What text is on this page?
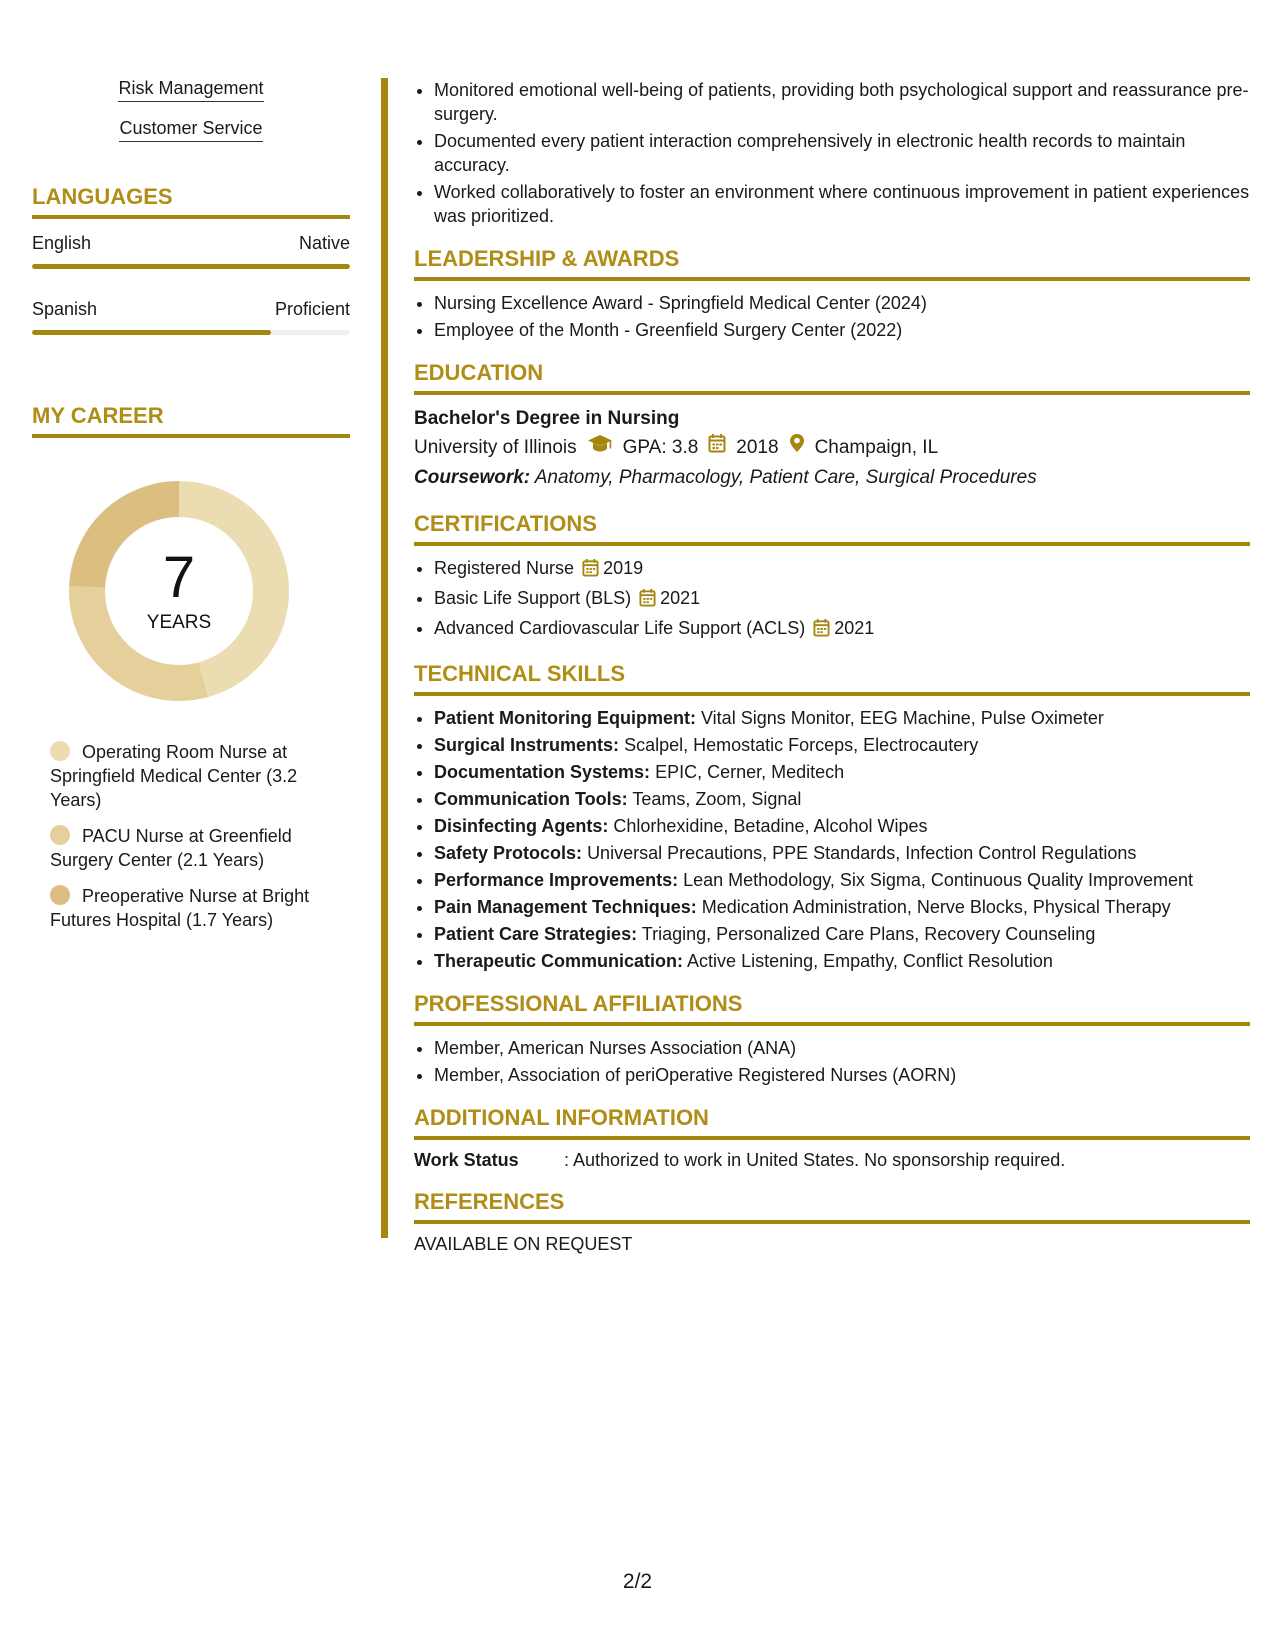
Risk Management
Customer Service
LANGUAGES
English	Native
Spanish	Proficient
MY CAREER
7
YEARS
Operating Room Nurse at Springfield Medical Center (3.2 Years)
PACU Nurse at Greenfield Surgery Center (2.1 Years)
Preoperative Nurse at Bright Futures Hospital (1.7 Years)
• Monitored emotional well-being of patients, providing both psychological support and reassurance pre-surgery.
• Documented every patient interaction comprehensively in electronic health records to maintain accuracy.
• Worked collaboratively to foster an environment where continuous improvement in patient experiences was prioritized.
LEADERSHIP & AWARDS
• Nursing Excellence Award - Springfield Medical Center (2024)
• Employee of the Month - Greenfield Surgery Center (2022)
EDUCATION
Bachelor's Degree in Nursing
University of Illinois GPA: 3.8 2018 Champaign, IL
Coursework: Anatomy, Pharmacology, Patient Care, Surgical Procedures
CERTIFICATIONS
• Registered Nurse 2019
• Basic Life Support (BLS) 2021
• Advanced Cardiovascular Life Support (ACLS) 2021
TECHNICAL SKILLS
• Patient Monitoring Equipment: Vital Signs Monitor, EEG Machine, Pulse Oximeter
• Surgical Instruments: Scalpel, Hemostatic Forceps, Electrocautery
• Documentation Systems: EPIC, Cerner, Meditech
• Communication Tools: Teams, Zoom, Signal
• Disinfecting Agents: Chlorhexidine, Betadine, Alcohol Wipes
• Safety Protocols: Universal Precautions, PPE Standards, Infection Control Regulations
• Performance Improvements: Lean Methodology, Six Sigma, Continuous Quality Improvement
• Pain Management Techniques: Medication Administration, Nerve Blocks, Physical Therapy
• Patient Care Strategies: Triaging, Personalized Care Plans, Recovery Counseling
• Therapeutic Communication: Active Listening, Empathy, Conflict Resolution
PROFESSIONAL AFFILIATIONS
• Member, American Nurses Association (ANA)
• Member, Association of periOperative Registered Nurses (AORN)
ADDITIONAL INFORMATION
Work Status	: Authorized to work in United States. No sponsorship required.
REFERENCES
AVAILABLE ON REQUEST
2/2
